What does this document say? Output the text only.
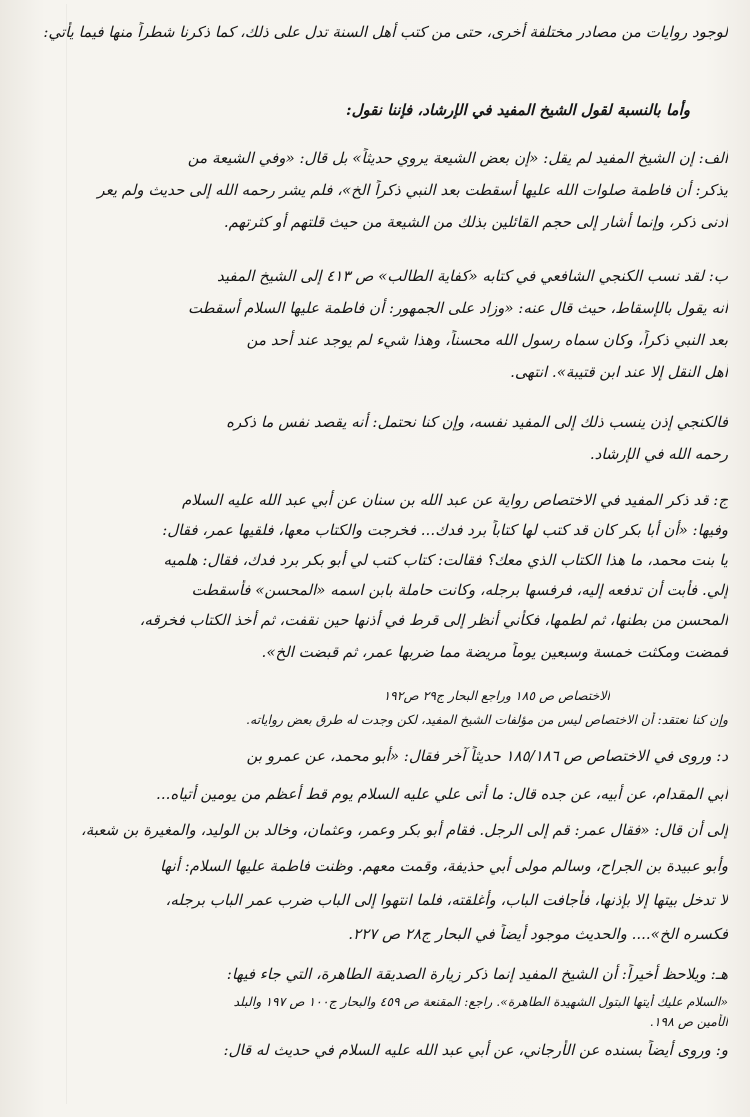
لوجود روايات من مصادر مختلفة أخرى، حتى من كتب أهل السنة تدل على ذلك، كما ذكرنا شطراً منها فيما يأتي:
وأما بالنسبة لقول الشيخ المفيد في الإرشاد، فإننا نقول:
ألف: إن الشيخ المفيد لم يقل: «إن بعض الشيعة يروي حديثاً» بل قال: «وفي الشيعة من
يذكر: أن فاطمة صلوات الله عليها أسقطت بعد النبي ذكراً الخ»، فلم يشر رحمه الله إلى حديث ولم يعر
أدنى ذكر، وإنما أشار إلى حجم القائلين بذلك من الشيعة من حيث قلتهم أو كثرتهم.
ب: لقد نسب الكنجي الشافعي في كتابه «كفاية الطالب» ص ٤١٣ إلى الشيخ المفيد
أنه يقول بالإسقاط، حيث قال عنه: «وزاد على الجمهور: أن فاطمة عليها السلام أسقطت
بعد النبي ذكراً، وكان سماه رسول الله محسناً، وهذا شيء لم يوجد عند أحد من
أهل النقل إلا عند ابن قتيبة». انتهى.
فالكنجي إذن ينسب ذلك إلى المفيد نفسه، وإن كنا نحتمل: أنه يقصد نفس ما ذكره
رحمه الله في الإرشاد.
ج: قد ذكر المفيد في الاختصاص رواية عن عبد الله بن سنان عن أبي عبد الله عليه السلام
وفيها: «أن أبا بكر كان قد كتب لها كتاباً برد فدك... فخرجت والكتاب معها، فلقيها عمر، فقال:
يا بنت محمد، ما هذا الكتاب الذي معك؟ فقالت: كتاب كتب لي أبو بكر برد فدك، فقال: هلميه
إلي. فأبت أن تدفعه إليه، فرفسها برجله، وكانت حاملة بابن اسمه «المحسن» فأسقطت
المحسن من بطنها، ثم لطمها، فكأني أنظر إلى قرط في أذنها حين نقفت، ثم أخذ الكتاب فخرقه،
فمضت ومكثت خمسة وسبعين يوماً مريضة مما ضربها عمر، ثم قبضت الخ».
الاختصاص ص ١٨٥ وراجع البحار ج٢٩ ص١٩٢
وإن كنا نعتقد: أن الاختصاص ليس من مؤلفات الشيخ المفيد، لكن وجدت له طرق بعض رواياته.
د: وروى في الاختصاص ص ١٨٥/١٨٦ حديثاً آخر فقال: «أبو محمد، عن عمرو بن
أبي المقدام، عن أبيه، عن جده قال: ما أتى علي عليه السلام يوم قط أعظم من يومين أتياه...
إلى أن قال: «فقال عمر: قم إلى الرجل. فقام أبو بكر وعمر، وعثمان، وخالد بن الوليد، والمغيرة بن شعبة،
وأبو عبيدة بن الجراح، وسالم مولى أبي حذيفة، وقمت معهم. وظنت فاطمة عليها السلام: أنها
لا تدخل بيتها إلا بإذنها، فأجافت الباب، وأغلقته، فلما انتهوا إلى الباب ضرب عمر الباب برجله،
فكسره الخ».... والحديث موجود أيضاً في البحار ج٢٨ ص ٢٢٧.
هـ: ويلاحظ أخيراً: أن الشيخ المفيد إنما ذكر زيارة الصديقة الطاهرة، التي جاء فيها:
«السلام عليك أيتها البتول الشهيدة الطاهرة». راجع: المقنعة ص ٤٥٩ والبحار ج١٠٠ ص ١٩٧ والبلد
الأمين ص ١٩٨.
و: وروى أيضاً بسنده عن الأرجاني، عن أبي عبد الله عليه السلام في حديث له قال:
